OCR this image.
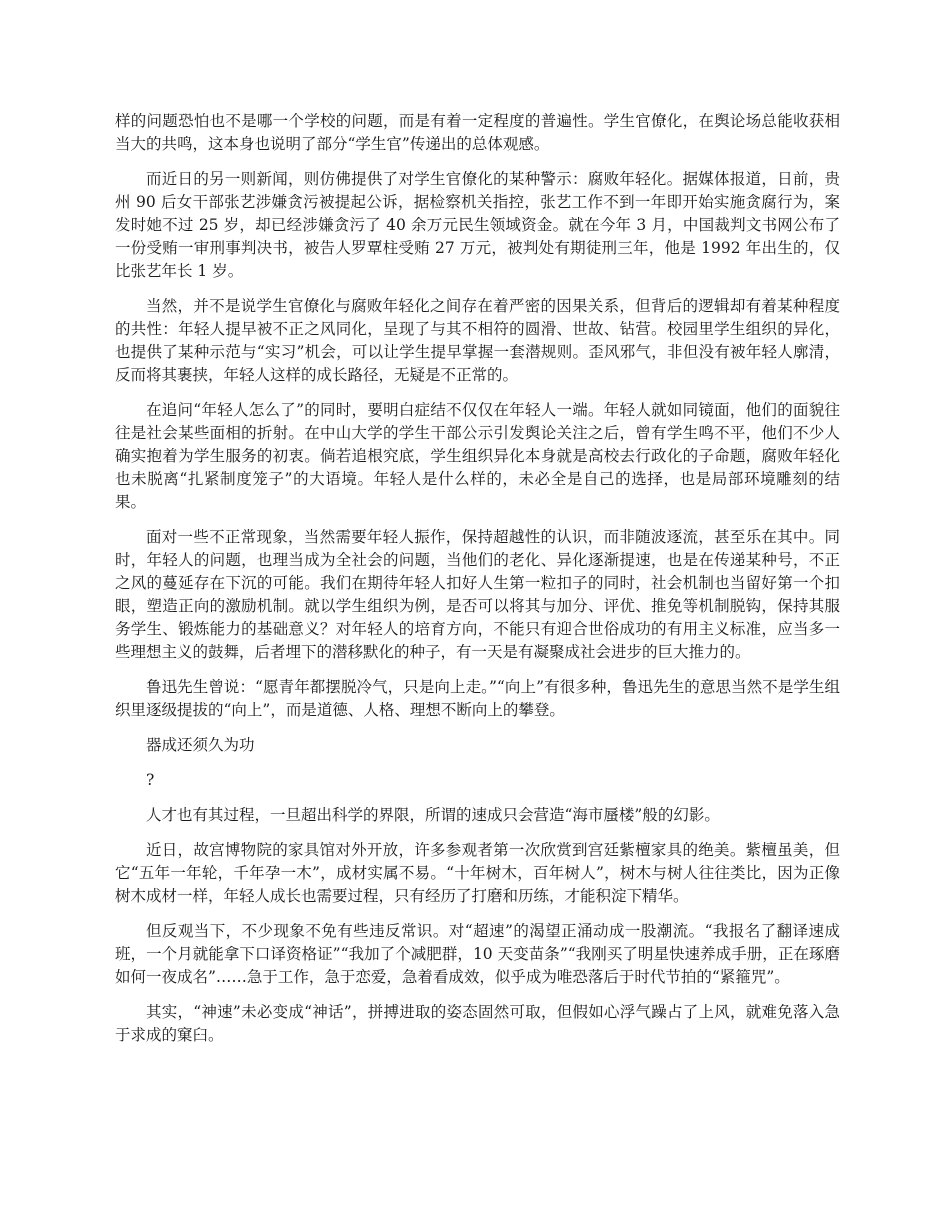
样的问题恐怕也不是哪一个学校的问题，而是有着一定程度的普遍性。学生官僚化，在舆论场总能收获相当大的共鸣，这本身也说明了部分“学生官”传递出的总体观感。

而近日的另一则新闻，则仿佛提供了对学生官僚化的某种警示：腐败年轻化。据媒体报道，日前，贵州 90 后女干部张艺涉嫌贪污被提起公诉，据检察机关指控，张艺工作不到一年即开始实施贪腐行为，案发时她不过 25 岁，却已经涉嫌贪污了 40 余万元民生领域资金。就在今年 3 月，中国裁判文书网公布了一份受贿一审刑事判决书，被告人罗覃柱受贿 27 万元，被判处有期徒刑三年，他是 1992 年出生的，仅比张艺年长 1 岁。

当然，并不是说学生官僚化与腐败年轻化之间存在着严密的因果关系，但背后的逻辑却有着某种程度的共性：年轻人提早被不正之风同化，呈现了与其不相符的圆滑、世故、钻营。校园里学生组织的异化，也提供了某种示范与“实习”机会，可以让学生提早掌握一套潜规则。歪风邪气，非但没有被年轻人廓清，反而将其裹挟，年轻人这样的成长路径，无疑是不正常的。

在追问“年轻人怎么了”的同时，要明白症结不仅仅在年轻人一端。年轻人就如同镜面，他们的面貌往往是社会某些面相的折射。在中山大学的学生干部公示引发舆论关注之后，曾有学生鸣不平，他们不少人确实抱着为学生服务的初衷。倘若追根究底，学生组织异化本身就是高校去行政化的子命题，腐败年轻化也未脱离“扎紧制度笼子”的大语境。年轻人是什么样的，未必全是自己的选择，也是局部环境雕刻的结果。

面对一些不正常现象，当然需要年轻人振作，保持超越性的认识，而非随波逐流，甚至乐在其中。同时，年轻人的问题，也理当成为全社会的问题，当他们的老化、异化逐渐提速，也是在传递某种号，不正之风的蔓延存在下沉的可能。我们在期待年轻人扣好人生第一粒扣子的同时，社会机制也当留好第一个扣眼，塑造正向的激励机制。就以学生组织为例，是否可以将其与加分、评优、推免等机制脱钩，保持其服务学生、锻炼能力的基础意义？对年轻人的培育方向，不能只有迎合世俗成功的有用主义标准，应当多一些理想主义的鼓舞，后者埋下的潜移默化的种子，有一天是有凝聚成社会进步的巨大推力的。

鲁迅先生曾说：“愿青年都摆脱冷气，只是向上走。”“向上”有很多种，鲁迅先生的意思当然不是学生组织里逐级提拔的“向上”，而是道德、人格、理想不断向上的攀登。

器成还须久为功

?

人才也有其过程，一旦超出科学的界限，所谓的速成只会营造“海市蜃楼”般的幻影。

近日，故宫博物院的家具馆对外开放，许多参观者第一次欣赏到宫廷紫檀家具的绝美。紫檀虽美，但它“五年一年轮，千年孕一木”，成材实属不易。“十年树木，百年树人”，树木与树人往往类比，因为正像树木成材一样，年轻人成长也需要过程，只有经历了打磨和历练，才能积淀下精华。

但反观当下，不少现象不免有些违反常识。对“超速”的渴望正涌动成一股潮流。“我报名了翻译速成班，一个月就能拿下口译资格证”“我加了个减肥群，10 天变苗条”“我刚买了明星快速养成手册，正在琢磨如何一夜成名”……急于工作，急于恋爱，急着看成效，似乎成为唯恐落后于时代节拍的“紧箍咒”。

其实，“神速”未必变成“神话”，拼搏进取的姿态固然可取，但假如心浮气躁占了上风，就难免落入急于求成的窠臼。
